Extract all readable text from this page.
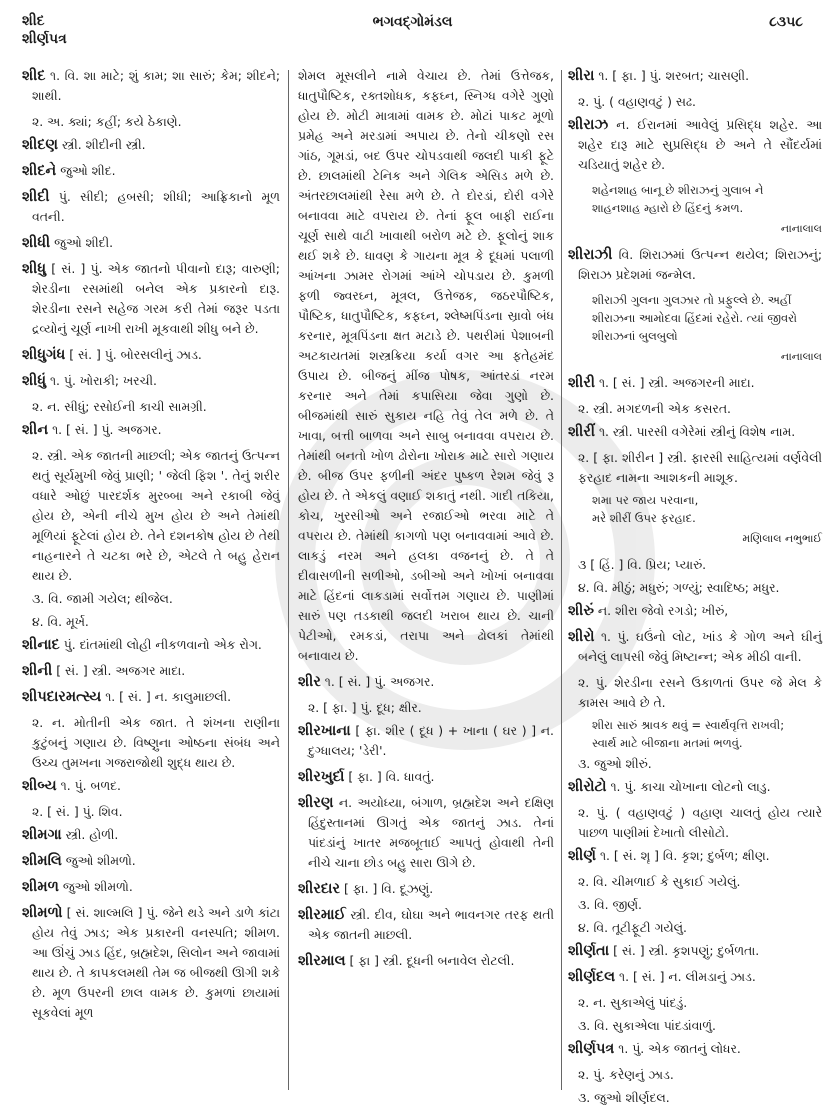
શીદ
શીર્ણપત્ર
ભગવદ્ગોમંડલ	૮૩૫૮

શીદ ૧. વિ. શા માટે; શું કામ; શા સારું; કેમ; શીદને; શાથી.

૨. અ. ક્યાં; કહીં; કયે ઠેકાણે.

શીદણ સ્ત્રી. શીદીની સ્ત્રી.

શીદને જુઓ શીદ.

શીદી પું. સીદી; હબસી; શીધી; આફ્રિકાનો મૂળ વતની.

શીધી જુઓ શીદી.

શીધુ [ સં. ] પું. એક જાતનો પીવાનો દારૂ; વારુણી; શેરડીના રસમાંથી બનેલ એક પ્રકારનો દારૂ. શેરડીના રસને સહેજ ગરમ કરી તેમાં જરૂર પડતા દ્રવ્યોનું ચૂર્ણ નાખી રાખી મૂકવાથી શીધુ બને છે.

શીધુગંધ [ સં. ] પું. બોરસલીનું ઝાડ.

શીધું ૧. પું. ખોરાકી; ખરચી.

૨. ન. સીધું; રસોઈની કાચી સામગ્રી.

શીન ૧. [ સં. ] પું. અજગર.

૨. સ્ત્રી. એક જાતની માછલી; એક જાતનું ઉત્પન્ન થતું સૂર્યમુખી જેવું પ્રાણી; ' જેલી ફિશ '. તેનું શરીર વધારે ઓછું પારદર્શક મુરબ્બા અને રકાબી જેવું હોય છે, એની નીચે મુખ હોય છે અને તેમાંથી મૂળિયાં ફૂટેલાં હોય છે. તેને દશનકોષ હોય છે તેથી નાહનારને તે ચટકા ભરે છે, એટલે તે બહુ હેરાન થાય છે.

૩. વિ. જામી ગયેલ; થીજેલ.

૪. વિ. મૂર્ખ.

શીનાદ પું. દાંતમાંથી લોહી નીકળવાનો એક રોગ.

શીની [ સં. ] સ્ત્રી. અજગર માદા.

શીપદારમત્સ્ય ૧. [ સં. ] ન. કાલુમાછલી.

૨. ન. મોતીની એક જાત. તે શંખના રાણીના કુટુંબનું ગણાય છે. વિષ્ણુના ઓષ્ઠના સંબંધ અને ઉચ્ચ તુમખના ગજરાજોથી શુદ્ધ થાય છે.

શીબ્ય ૧. પું. બળદ.

૨. [ સં. ] પું. શિવ.

શીમગા સ્ત્રી. હોળી.

શીમલિ જુઓ શીમળો.

શીમળ જુઓ શીમળો.

શીમળો [ સં. શાલ્મલિ ] પું. જેને થડે અને ડાળે કાંટા હોય તેવું ઝાડ; એક પ્રકારની વનસ્પતિ; શીમળ. આ ઊંચું ઝાડ હિંદ, બ્રહ્મદેશ, સિલોન અને જાવામાં થાય છે. તે કાપકલમથી તેમ જ બીજથી ઊગી શકે છે. મૂળ ઉપરની છાલ વામક છે. કુમળાં છાયામાં સૂકવેલાં મૂળ

શેમલ મૂસલીને નામે વેચાય છે. તેમાં ઉત્તેજક, ધાતુપૌષ્ટિક, રક્તશોધક, કફઘ્ન, સ્નિગ્ધ વગેરે ગુણો હોય છે. મોટી માત્રામાં વામક છે. મોટાં પાકટ મૂળો પ્રમેહ અને મરડામાં અપાય છે. તેનો ચીકણો રસ ગાંઠ, ગૂમડાં, બદ ઉપર ચોપડવાથી જલદી પાકી ફૂટે છે. છાલમાંથી ટેનિક અને ગેલિક એસિડ મળે છે. અંતરછાલમાંથી રેસા મળે છે. તે દોરડાં, દોરી વગેરે બનાવવા માટે વપરાય છે. તેનાં ફૂલ બાફી રાઈના ચૂર્ણ સાથે વાટી ખાવાથી બરોળ મટે છે. ફૂલોનું શાક થઈ શકે છે. ધાવણ કે ગાયના મૂત્ર કે દૂધમાં પલાળી આંખના ઝામર રોગમાં આંખે ચોપડાય છે. કુમળી ફળી જ્વરઘ્ન, મૂત્રલ, ઉત્તેજક, જઠરપૌષ્ટિક, પૌષ્ટિક, ધાતુપૌષ્ટિક, કફઘ્ન, શ્લેષ્મપિંડના સ્રાવો બંધ કરનાર, મૂત્રપિંડના ક્ષત મટાડે છે. પથરીમાં પેશાબની અટકાયતમાં શસ્ત્રક્રિયા કર્યા વગર આ ફતેહમંદ ઉપાય છે. બીજનું મીંજ પોષક, આંતરડાં નરમ કરનાર અને તેમાં કપાસિયા જેવા ગુણો છે. બીજમાંથી સારું સુકાય નહિ તેવું તેલ મળે છે. તે ખાવા, બત્તી બાળવા અને સાબુ બનાવવા વપરાય છે. તેમાંથી બનતો ખોળ ઢોરોના ખોરાક માટે સારો ગણાય છે. બીજ ઉપર ફળીની અંદર પુષ્કળ રેશમ જેવું રૂ હોય છે. તે એકલું વણાઈ શકાતું નથી. ગાદી તકિયા, કોચ, ખુરસીઓ અને રજાઈઓ ભરવા માટે તે વપરાય છે. તેમાંથી કાગળો પણ બનાવવામાં આવે છે. લાકડું નરમ અને હલકા વજનનું છે. તે તે દીવાસળીની સળીઓ, ડબીઓ અને ખોખાં બનાવવા માટે હિંદનાં લાકડામાં સર્વોત્તમ ગણાય છે. પાણીમાં સારું પણ તડકાથી જલદી ખરાબ થાય છે. ચાની પેટીઓ, રમકડાં, તરાપા અને ઢોલકાં તેમાંથી બનાવાય છે.

શીર ૧. [ સં. ] પું. અજગર.

૨. [ ફા. ] પું. દૂધ; ક્ષીર.

શીરખાના [ ફા. શીર ( દૂધ ) + ખાના ( ઘર ) ] ન. દુગ્ધાલય; 'ડેરી'.

શીરખુર્દા [ ફા. ] વિ. ધાવતું.

શીરણ ન. અયોધ્યા, બંગાળ, બ્રહ્મદેશ અને દક્ષિણ હિંદુસ્તાનમાં ઊગતું એક જાતનું ઝાડ. તેનાં પાંદડાંનું ખાતર મજબૂતાઈ આપતું હોવાથી તેની નીચે ચાના છોડ બહુ સારા ઊગે છે.

શીરદાર [ ફા. ] વિ. દૂઝણું.

શીરમાઈ સ્ત્રી. દીવ, ઘોઘા અને ભાવનગર તરફ થતી એક જાતની માછલી.

શીરમાલ [ ફા ] સ્ત્રી. દૂધની બનાવેલ રોટલી.

શીરા ૧. [ ફા. ] પું. શરબત; ચાસણી.

૨. પું. ( વહાણવટું ) સઢ.

શીરાઝ ન. ઈરાનમાં આવેલું પ્રસિદ્ધ શહેર. આ શહેર દારૂ માટે સુપ્રસિદ્ધ છે અને તે સૌંદર્યમાં ચડિયાતું શહેર છે.

શહેનશાહ બાનૂ છે શીરાઝનું ગુલાબ ને
શાહનશાહ મ્હારો છે હિંદનું કમળ.
નાનાલાલ

શીરાઝી વિ. શિરાઝમાં ઉત્પન્ન થયેલ; શિરાઝનું; શિરાઝ પ્રદેશમાં જન્મેલ.

શીરાઝી ગુલના ગુલઝાર તો પ્રફુલ્લે છે. અહીં
શીરાઝના આમોદવા હિંદમાં રહેરો. ત્યાં જીવરો
શીરાઝનાં બુલબુલો
નાનાલાલ

શીરી ૧. [ સં. ] સ્ત્રી. અજગરની માદા.

૨. સ્ત્રી. મગદળની એક કસરત.

શીરીં ૧. સ્ત્રી. પારસી વગેરેમાં સ્ત્રીનું વિશેષ નામ.

૨. [ ફા. શીરીન ] સ્ત્રી. ફારસી સાહિત્યમાં વર્ણવેલી ફરહાદ નામના આશકની માશૂક.

શમા પર જાય પરવાના,
મરે શીરીં ઉપર ફરહાદ.
મણિલાલ નભુભાઈ

૩ [ હિં. ] વિ. પ્રિય; પ્યારું.

૪. વિ. મીઠું; મધુરું; ગળ્યું; સ્વાદિષ્ઠ; મધુર.

શીરું ન. શીરા જેવો રગડો; ખીરું,

શીરો ૧. પું. ઘઉંનો લોટ, ખાંડ કે ગોળ અને ઘીનું બનેલું લાપસી જેવું મિષ્ટાન્ન; એક મીઠી વાની.

૨. પું. શેરડીના રસને ઉકાળતાં ઉપર જે મેલ કે કામસ આવે છે તે.

શીરા સારું શ્રાવક થવું = સ્વાર્થવૃત્તિ રાખવી;
સ્વાર્થ માટે બીજાના મતમાં ભળવું.

૩. જુઓ શીરું.

શીરોટો ૧. પું. કાચા ચોખાના લોટનો લાડુ.

૨. પું. ( વહાણવટું ) વહાણ ચાલતું હોય ત્યારે પાછળ પાણીમાં દેખાતો લીસોટો.

શીર્ણ ૧. [ સં. શૄ ] વિ. કૃશ; દુર્બળ; ક્ષીણ.

૨. વિ. ચીમળાઈ કે સુકાઈ ગયેલું.

૩. વિ. જીર્ણ.

૪. વિ. તૂટીફૂટી ગયેલું.

શીર્ણતા [ સં. ] સ્ત્રી. કૃશપણું; દુર્બળતા.

શીર્ણદલ ૧. [ સં. ] ન. લીમડાનું ઝાડ.

૨. ન. સુકાએલું પાંદડું.

૩. વિ. સુકાએલા પાંદડાંવાળું.

શીર્ણપત્ર ૧. પું. એક જાતનું લોધર.

૨. પું. કરેણનું ઝાડ.

૩. જુઓ શીર્ણદલ.
